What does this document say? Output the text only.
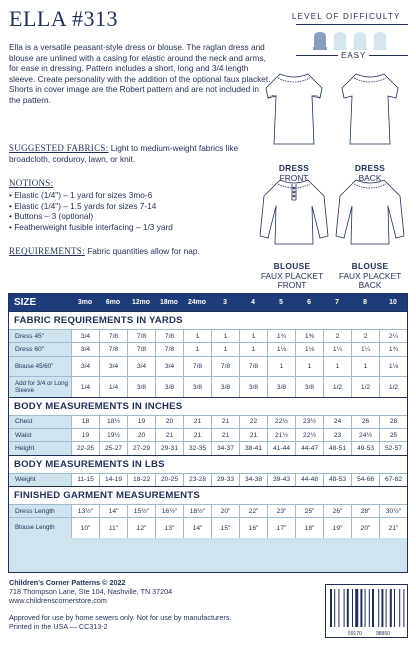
ELLA #313
Ella is a versatile peasant-style dress or blouse. The raglan dress and blouse are unlined with a casing for elastic around the neck and arms, for ease in dressing. Pattern includes a short, long and 3/4 length sleeve. Create personality with the addition of the optional faux placket. Shorts in cover image are the Robert pattern and are not included in the pattern.
SUGGESTED FABRICS: Light to medium-weight fabrics like broadcloth, corduroy, lawn, or knit.
NOTIONS:
• Elastic (1/4") – 1 yard for sizes 3mo-6
• Elastic (1/4") – 1.5 yards for sizes 7-14
• Buttons – 3 (optional)
• Featherweight fusible interfacing – 1/3 yard
REQUIREMENTS: Fabric quantities allow for nap.
LEVEL OF DIFFICULTY
EASY
DRESS
FRONT
DRESS
BACK
BLOUSE
FAUX PLACKET
FRONT
BLOUSE
FAUX PLACKET
BACK
SIZE	3mo	6mo	12mo	18mo	24mo	3	4	5	6	7	8	10
FABRIC REQUIREMENTS IN YARDS
Dress 45"	3/4	7/8	7/8	7/8	1	1	1	1¾	1⅜	2	2	2¼
Dress 60"	3/4	7/8	7/8	7/8	1	1	1	1⅛	1⅛	1¼	1¼	1¾
Blouse 45/60"	3/4	3/4	3/4	3/4	7/8	7/8	7/8	1	1	1	1	1⅛
Add for 3/4 or Long Sleeve	1/4	1/4	3/8	3/8	3/8	3/8	3/8	3/8	3/8	1/2	1/2	1/2
BODY MEASUREMENTS IN INCHES
Chest	18	18½	19	20	21	21	22	22½	23½	24	26	28
Waist	19	19½	20	21	21	21	21	21½	22½	23	24½	25
Height	22-25	25-27	27-29	29-31	32-35	34-37	38-41	41-44	44-47	48-51	49-53	52-57
BODY MEASUREMENTS IN LBS
Weight	11-15	14-19	18-22	20-25	23-28	29-33	34-38	39-43	44-48	48-53	54-66	67-82
FINISHED GARMENT MEASUREMENTS
Dress Length	13½"	14"	15½"	16½"	18½"	20"	22"	23"	25"	26"	28"	30½"
Blouse Length	10"	11"	12"	13"	14"	15"	16"	17"	18"	19"	20"	21"
Children's Corner Patterns © 2022
718 Thompson Lane, Ste 104, Nashville, TN 37204
www.childrenscornerstore.com
Approved for use by home sewers only. Not for use by manufacturers.
Printed in the USA — CC313-2
59170	98860
